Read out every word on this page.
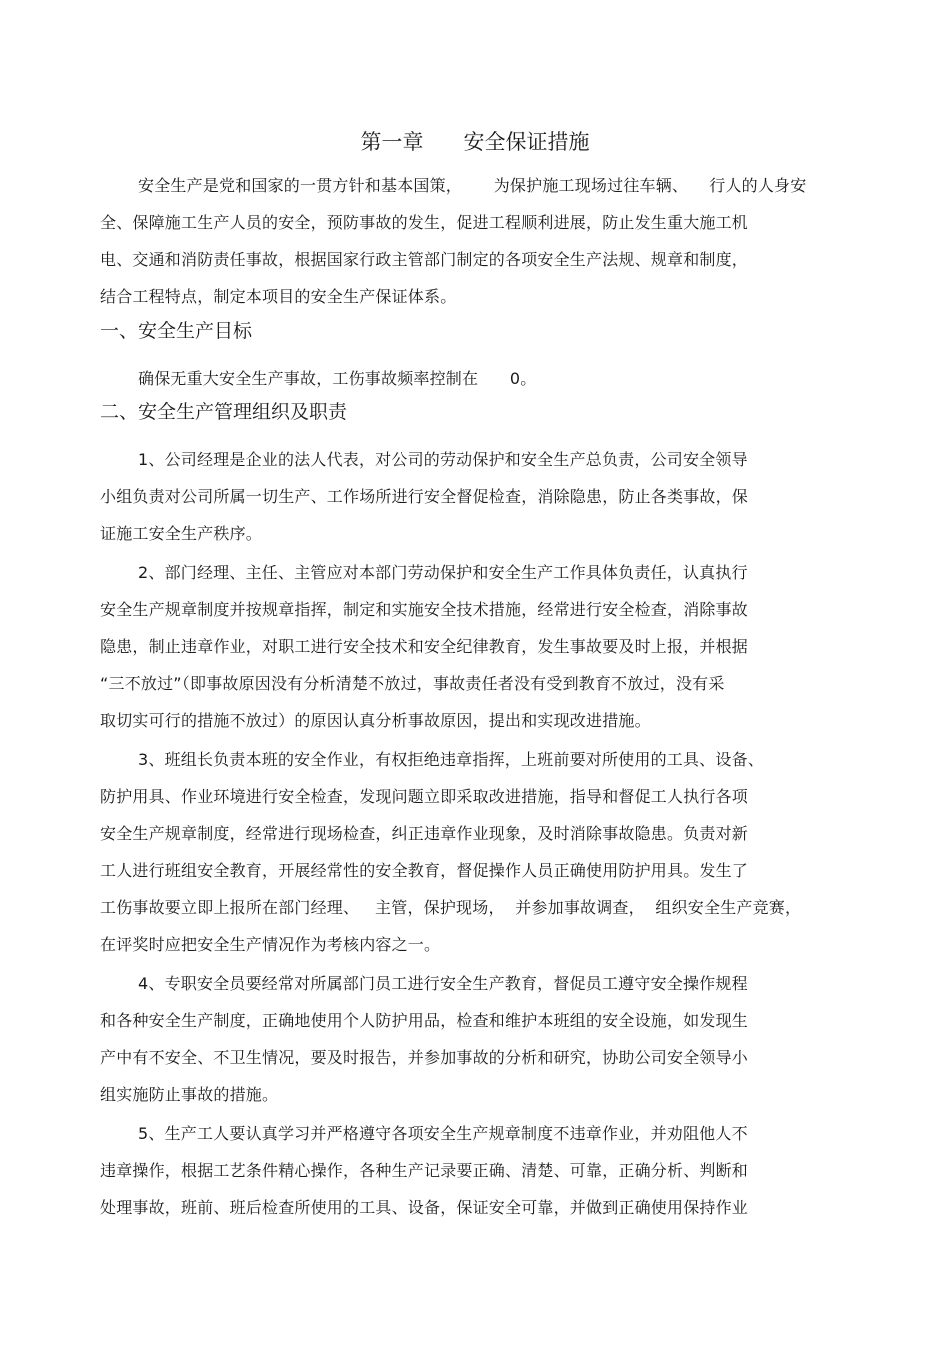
第一章      安全保证措施
安全生产是党和国家的一贯方针和基本国策，      为保护施工现场过往车辆、    行人的人身安
全、保障施工生产人员的安全，预防事故的发生，促进工程顺利进展，防止发生重大施工机
电、交通和消防责任事故，根据国家行政主管部门制定的各项安全生产法规、规章和制度，
结合工程特点，制定本项目的安全生产保证体系。
一、安全生产目标
确保无重大安全生产事故，工伤事故频率控制在      0。
二、安全生产管理组织及职责
1、公司经理是企业的法人代表，对公司的劳动保护和安全生产总负责，公司安全领导
小组负责对公司所属一切生产、工作场所进行安全督促检查，消除隐患，防止各类事故，保
证施工安全生产秩序。
2、部门经理、主任、主管应对本部门劳动保护和安全生产工作具体负责任，认真执行
安全生产规章制度并按规章指挥，制定和实施安全技术措施，经常进行安全检查，消除事故
隐患，制止违章作业，对职工进行安全技术和安全纪律教育，发生事故要及时上报，并根据
“三不放过”（即事故原因没有分析清楚不放过，事故责任者没有受到教育不放过，没有采
取切实可行的措施不放过）的原因认真分析事故原因，提出和实现改进措施。
3、班组长负责本班的安全作业，有权拒绝违章指挥，上班前要对所使用的工具、设备、
防护用具、作业环境进行安全检查，发现问题立即采取改进措施，指导和督促工人执行各项
安全生产规章制度，经常进行现场检查，纠正违章作业现象，及时消除事故隐患。负责对新
工人进行班组安全教育，开展经常性的安全教育，督促操作人员正确使用防护用具。发生了
工伤事故要立即上报所在部门经理、   主管，保护现场，  并参加事故调查，  组织安全生产竞赛，
在评奖时应把安全生产情况作为考核内容之一。
4、专职安全员要经常对所属部门员工进行安全生产教育，督促员工遵守安全操作规程
和各种安全生产制度，正确地使用个人防护用品，检查和维护本班组的安全设施，如发现生
产中有不安全、不卫生情况，要及时报告，并参加事故的分析和研究，协助公司安全领导小
组实施防止事故的措施。
5、生产工人要认真学习并严格遵守各项安全生产规章制度不违章作业，并劝阻他人不
违章操作，根据工艺条件精心操作，各种生产记录要正确、清楚、可靠，正确分析、判断和
处理事故，班前、班后检查所使用的工具、设备，保证安全可靠，并做到正确使用保持作业
